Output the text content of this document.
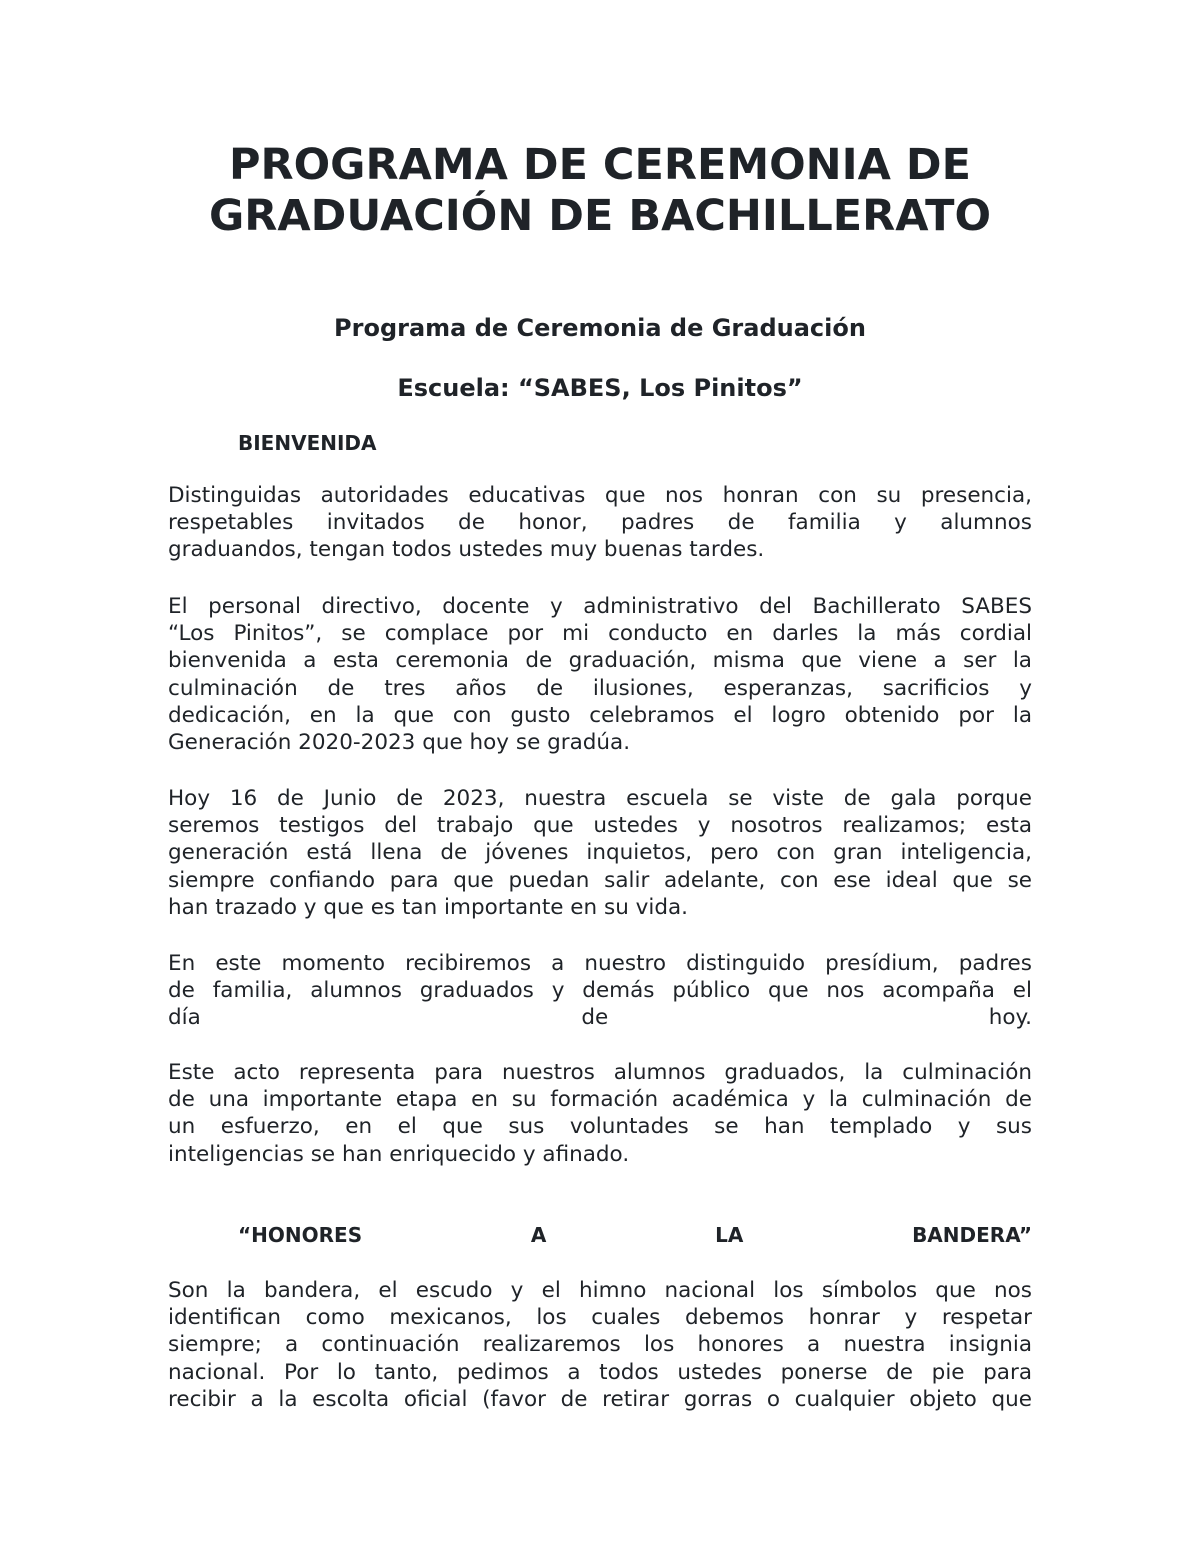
PROGRAMA DE CEREMONIA DE
GRADUACIÓN DE BACHILLERATO
Programa de Ceremonia de Graduación
Escuela: “SABES, Los Pinitos”
BIENVENIDA
Distinguidas autoridades educativas que nos honran con su presencia,
respetables invitados de honor, padres de familia y alumnos
graduandos, tengan todos ustedes muy buenas tardes.
El personal directivo, docente y administrativo del Bachillerato SABES
“Los Pinitos”, se complace por mi conducto en darles la más cordial
bienvenida a esta ceremonia de graduación, misma que viene a ser la
culminación de tres años de ilusiones, esperanzas, sacrificios y
dedicación, en la que con gusto celebramos el logro obtenido por la
Generación 2020-2023 que hoy se gradúa.
Hoy 16 de Junio de 2023, nuestra escuela se viste de gala porque
seremos testigos del trabajo que ustedes y nosotros realizamos; esta
generación está llena de jóvenes inquietos, pero con gran inteligencia,
siempre confiando para que puedan salir adelante, con ese ideal que se
han trazado y que es tan importante en su vida.
En este momento recibiremos a nuestro distinguido presídium, padres
de familia, alumnos graduados y demás público que nos acompaña el
día	de	hoy.
Este acto representa para nuestros alumnos graduados, la culminación
de una importante etapa en su formación académica y la culminación de
un esfuerzo, en el que sus voluntades se han templado y sus
inteligencias se han enriquecido y afinado.
“HONORES	A	LA	BANDERA”
Son la bandera, el escudo y el himno nacional los símbolos que nos
identifican como mexicanos, los cuales debemos honrar y respetar
siempre; a continuación realizaremos los honores a nuestra insignia
nacional. Por lo tanto, pedimos a todos ustedes ponerse de pie para
recibir a la escolta oficial (favor de retirar gorras o cualquier objeto que
